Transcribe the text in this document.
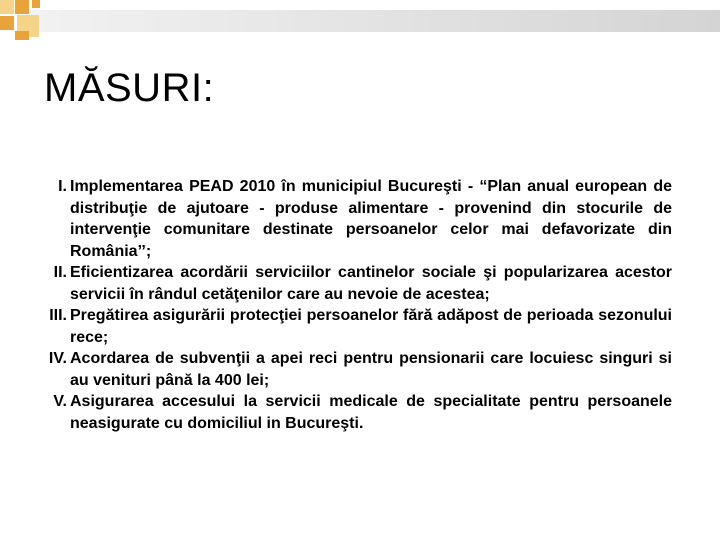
MĂSURI:
I. Implementarea PEAD 2010 în municipiul Bucureşti - “Plan anual european de distribuţie de ajutoare - produse alimentare - provenind din stocurile de intervenţie comunitare destinate persoanelor celor mai defavorizate din România’’;
II. Eficientizarea acordării serviciilor cantinelor sociale şi popularizarea acestor servicii în rândul cetăţenilor care au nevoie de acestea;
III. Pregătirea asigurării protecţiei persoanelor fără adăpost de perioada sezonului rece;
IV. Acordarea de subvenţii a apei reci pentru pensionarii care locuiesc singuri si au venituri până la 400 lei;
V. Asigurarea accesului la servicii medicale de specialitate pentru persoanele neasigurate cu domiciliul in Bucureşti.
